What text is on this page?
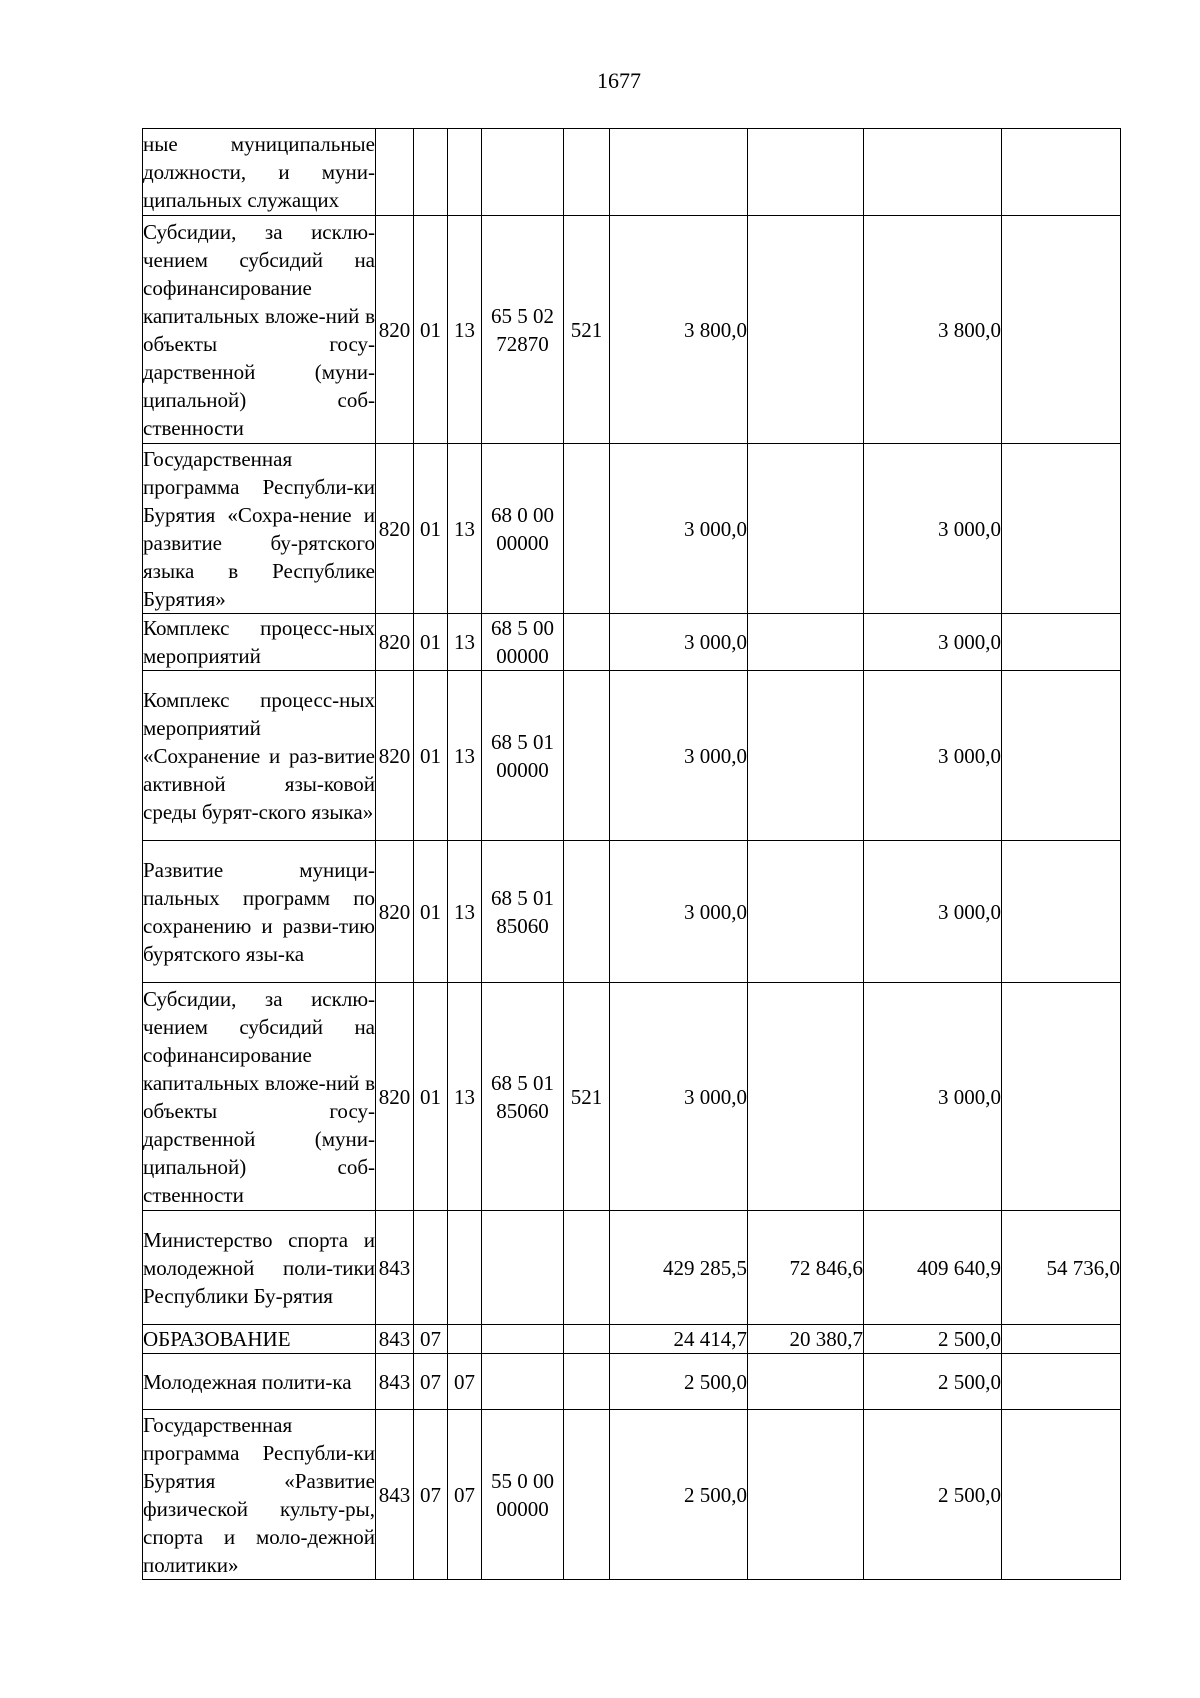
1677
ные муниципальные должности, и муни-ципальных служащих									

Субсидии, за исклю-чением субсидий на софинансирование капитальных вложе-ний в объекты госу-дарственной (муни-ципальной) соб-ственности	820	01	13	65 5 02 72870	521	3 800,0		3 800,0	

Государственная программа Республи-ки Бурятия «Сохра-нение и развитие бу-рятского языка в Республике Бурятия»	820	01	13	68 0 00 00000		3 000,0		3 000,0	

Комплекс процесс-ных мероприятий	820	01	13	68 5 00 00000		3 000,0		3 000,0	

Комплекс процесс-ных мероприятий «Сохранение и раз-витие активной язы-ковой среды бурят-ского языка»	820	01	13	68 5 01 00000		3 000,0		3 000,0	

Развитие муници-пальных программ по сохранению и разви-тию бурятского язы-ка	820	01	13	68 5 01 85060		3 000,0		3 000,0	

Субсидии, за исклю-чением субсидий на софинансирование капитальных вложе-ний в объекты госу-дарственной (муни-ципальной) соб-ственности	820	01	13	68 5 01 85060	521	3 000,0		3 000,0	

Министерство спорта и молодежной поли-тики Республики Бу-рятия	843					429 285,5	72 846,6	409 640,9	54 736,0

ОБРАЗОВАНИЕ	843	07				24 414,7	20 380,7	2 500,0	

Молодежная полити-ка	843	07	07			2 500,0		2 500,0	

Государственная программа Республи-ки Бурятия «Развитие физической культу-ры, спорта и моло-дежной политики»	843	07	07	55 0 00 00000		2 500,0		2 500,0	
